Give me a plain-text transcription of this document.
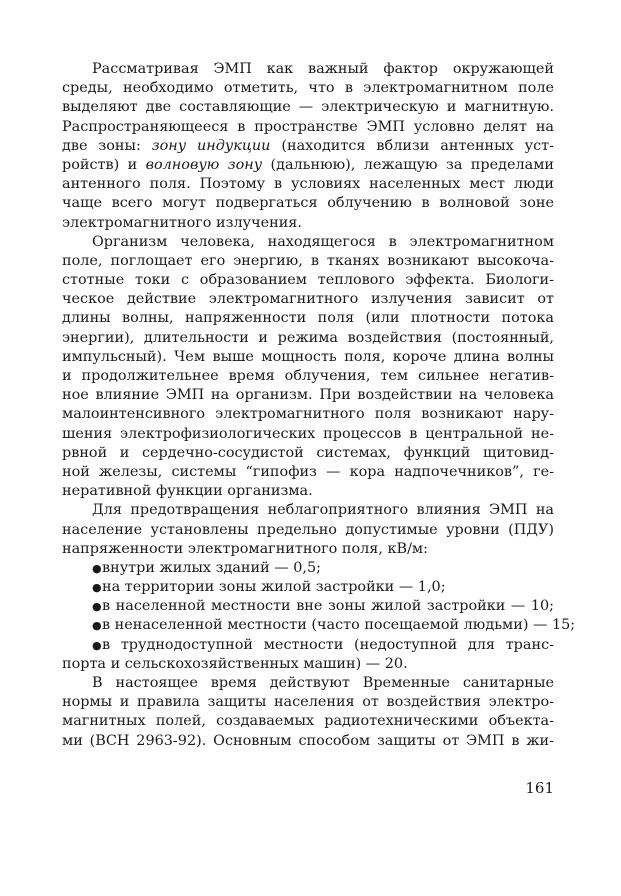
Рассматривая ЭМП как важный фактор окружающей
среды, необходимо отметить, что в электромагнитном поле
выделяют две составляющие — электрическую и магнитную.
Распространяющееся в пространстве ЭМП условно делят на
две зоны: зону индукции (находится вблизи антенных уст-
ройств) и волновую зону (дальнюю), лежащую за пределами
антенного поля. Поэтому в условиях населенных мест люди
чаще всего могут подвергаться облучению в волновой зоне
электромагнитного излучения.
Организм человека, находящегося в электромагнитном
поле, поглощает его энергию, в тканях возникают высокоча-
стотные токи с образованием теплового эффекта. Биологи-
ческое действие электромагнитного излучения зависит от
длины волны, напряженности поля (или плотности потока
энергии), длительности и режима воздействия (постоянный,
импульсный). Чем выше мощность поля, короче длина волны
и продолжительнее время облучения, тем сильнее негатив-
ное влияние ЭМП на организм. При воздействии на человека
малоинтенсивного электромагнитного поля возникают нару-
шения электрофизиологических процессов в центральной не-
рвной и сердечно-сосудистой системах, функций щитовид-
ной железы, системы “гипофиз — кора надпочечников”, ге-
неративной функции организма.
Для предотвращения неблагоприятного влияния ЭМП на
население установлены предельно допустимые уровни (ПДУ)
напряженности электромагнитного поля, кВ/м:
●внутри жилых зданий — 0,5;
●на территории зоны жилой застройки — 1,0;
●в населенной местности вне зоны жилой застройки — 10;
●в ненаселенной местности (часто посещаемой людьми) — 15;
●в труднодоступной местности (недоступной для транс-
порта и сельскохозяйственных машин) — 20.
В настоящее время действуют Временные санитарные
нормы и правила защиты населения от воздействия электро-
магнитных полей, создаваемых радиотехническими объекта-
ми (ВСН 2963-92). Основным способом защиты от ЭМП в жи-
161
